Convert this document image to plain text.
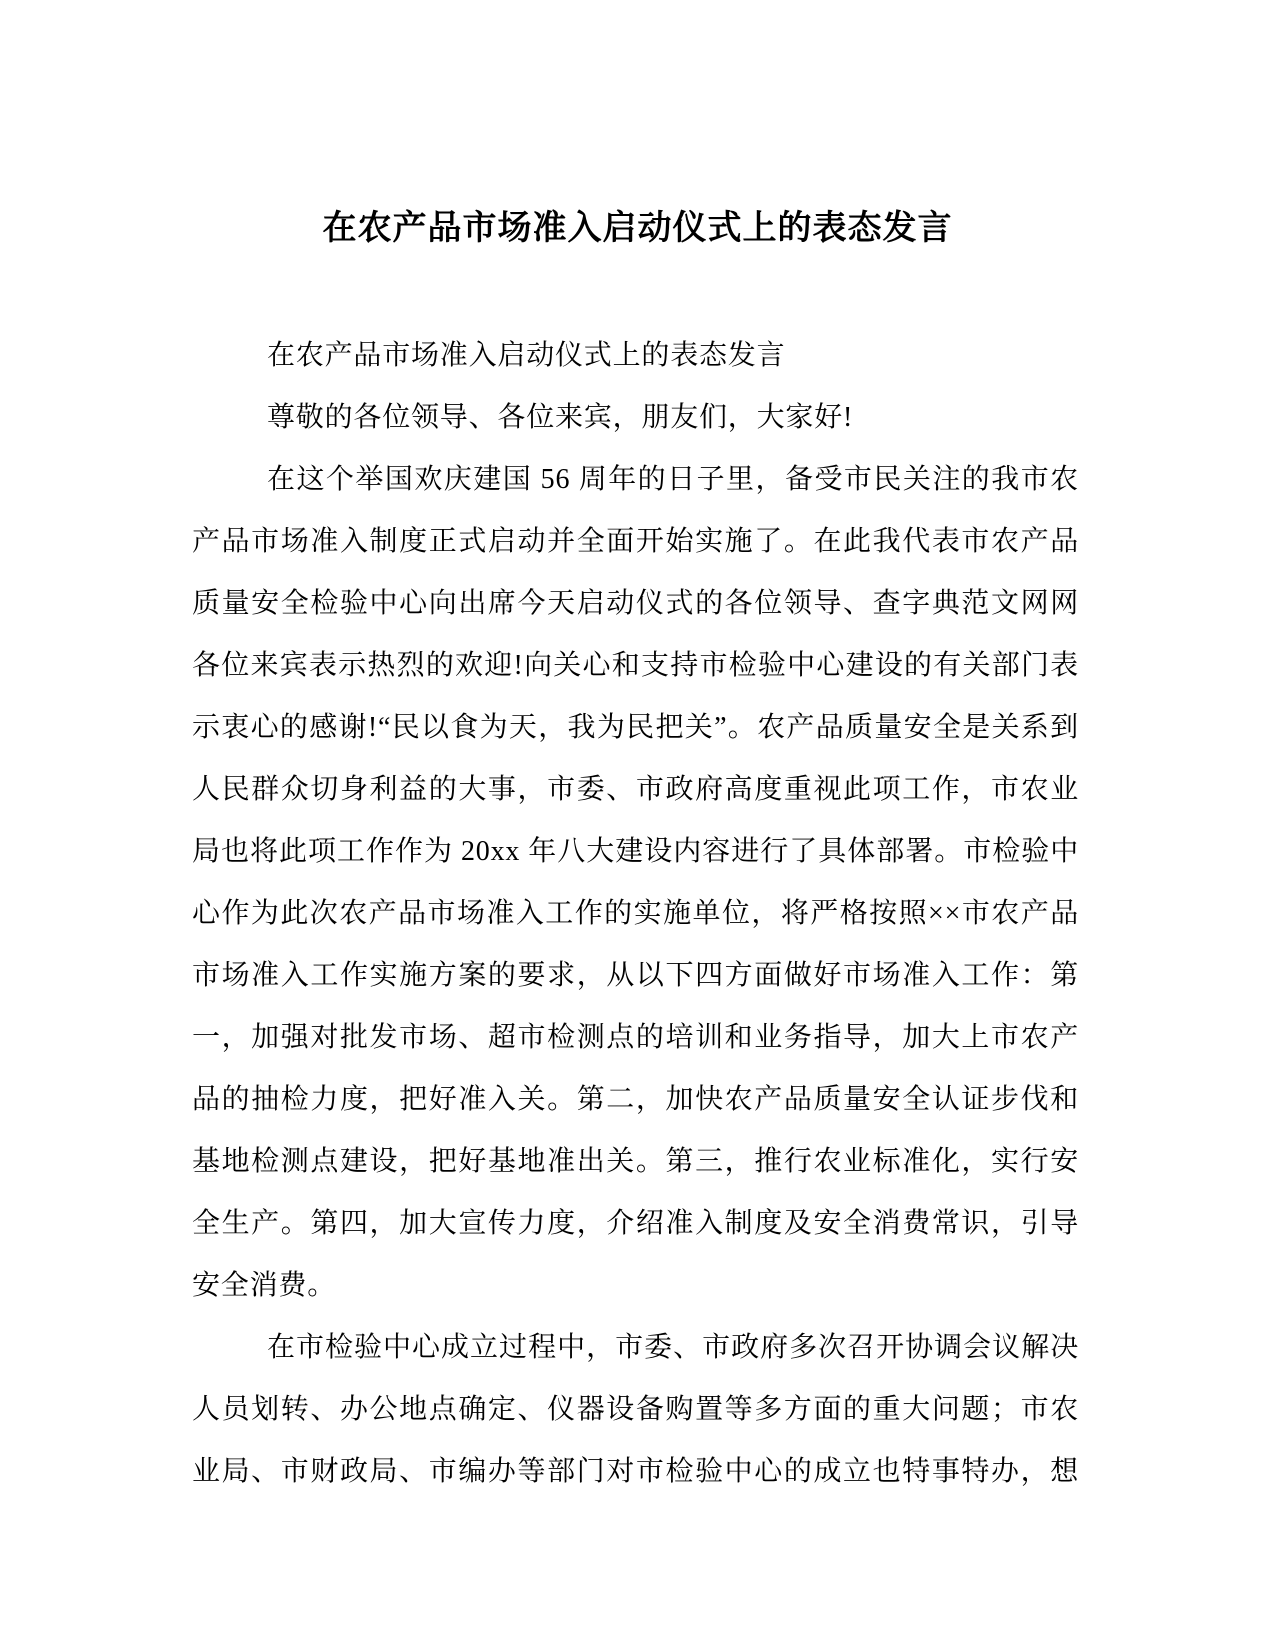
在农产品市场准入启动仪式上的表态发言
在农产品市场准入启动仪式上的表态发言
尊敬的各位领导、各位来宾，朋友们，大家好!
在这个举国欢庆建国 56 周年的日子里，备受市民关注的我市农
产品市场准入制度正式启动并全面开始实施了。在此我代表市农产品
质量安全检验中心向出席今天启动仪式的各位领导、查字典范文网网
各位来宾表示热烈的欢迎!向关心和支持市检验中心建设的有关部门表
示衷心的感谢!“民以食为天，我为民把关”。农产品质量安全是关系到
人民群众切身利益的大事，市委、市政府高度重视此项工作，市农业
局也将此项工作作为 20xx 年八大建设内容进行了具体部署。市检验中
心作为此次农产品市场准入工作的实施单位，将严格按照××市农产品
市场准入工作实施方案的要求，从以下四方面做好市场准入工作：第
一，加强对批发市场、超市检测点的培训和业务指导，加大上市农产
品的抽检力度，把好准入关。第二，加快农产品质量安全认证步伐和
基地检测点建设，把好基地准出关。第三，推行农业标准化，实行安
全生产。第四，加大宣传力度，介绍准入制度及安全消费常识，引导
安全消费。
在市检验中心成立过程中，市委、市政府多次召开协调会议解决
人员划转、办公地点确定、仪器设备购置等多方面的重大问题；市农
业局、市财政局、市编办等部门对市检验中心的成立也特事特办，想
